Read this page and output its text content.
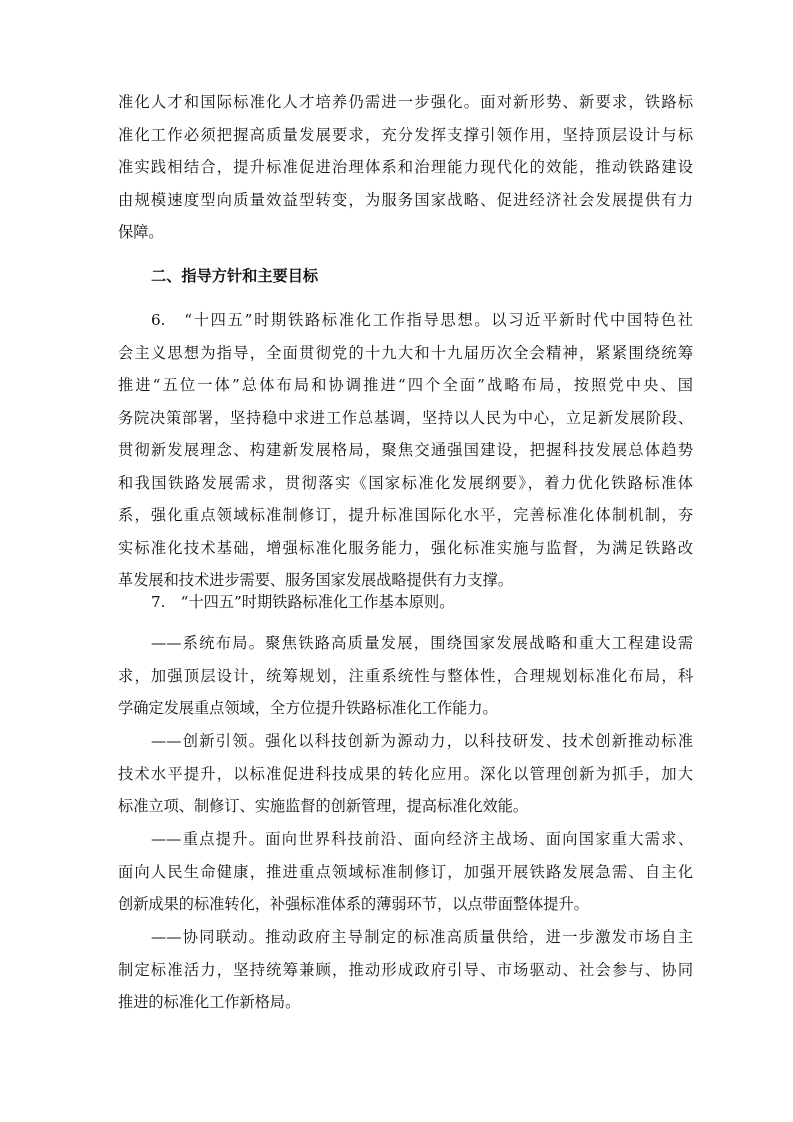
准化人才和国际标准化人才培养仍需进一步强化。面对新形势、新要求，铁路标
准化工作必须把握高质量发展要求，充分发挥支撑引领作用，坚持顶层设计与标
准实践相结合，提升标准促进治理体系和治理能力现代化的效能，推动铁路建设
由规模速度型向质量效益型转变，为服务国家战略、促进经济社会发展提供有力
保障。
6.　“十四五”时期铁路标准化工作指导思想。以习近平新时代中国特色社
会主义思想为指导，全面贯彻党的十九大和十九届历次全会精神，紧紧围绕统筹
推进“五位一体”总体布局和协调推进“四个全面”战略布局，按照党中央、国
务院决策部署，坚持稳中求进工作总基调，坚持以人民为中心，立足新发展阶段、
贯彻新发展理念、构建新发展格局，聚焦交通强国建设，把握科技发展总体趋势
和我国铁路发展需求，贯彻落实《国家标准化发展纲要》，着力优化铁路标准体
系，强化重点领域标准制修订，提升标准国际化水平，完善标准化体制机制，夯
实标准化技术基础，增强标准化服务能力，强化标准实施与监督，为满足铁路改
革发展和技术进步需要、服务国家发展战略提供有力支撑。
7.　“十四五”时期铁路标准化工作基本原则。
——系统布局。聚焦铁路高质量发展，围绕国家发展战略和重大工程建设需
求，加强顶层设计，统筹规划，注重系统性与整体性，合理规划标准化布局，科
学确定发展重点领域，全方位提升铁路标准化工作能力。
——创新引领。强化以科技创新为源动力，以科技研发、技术创新推动标准
技术水平提升，以标准促进科技成果的转化应用。深化以管理创新为抓手，加大
标准立项、制修订、实施监督的创新管理，提高标准化效能。
——重点提升。面向世界科技前沿、面向经济主战场、面向国家重大需求、
面向人民生命健康，推进重点领域标准制修订，加强开展铁路发展急需、自主化
创新成果的标准转化，补强标准体系的薄弱环节，以点带面整体提升。
——协同联动。推动政府主导制定的标准高质量供给，进一步激发市场自主
制定标准活力，坚持统筹兼顾，推动形成政府引导、市场驱动、社会参与、协同
推进的标准化工作新格局。
二、指导方针和主要目标
